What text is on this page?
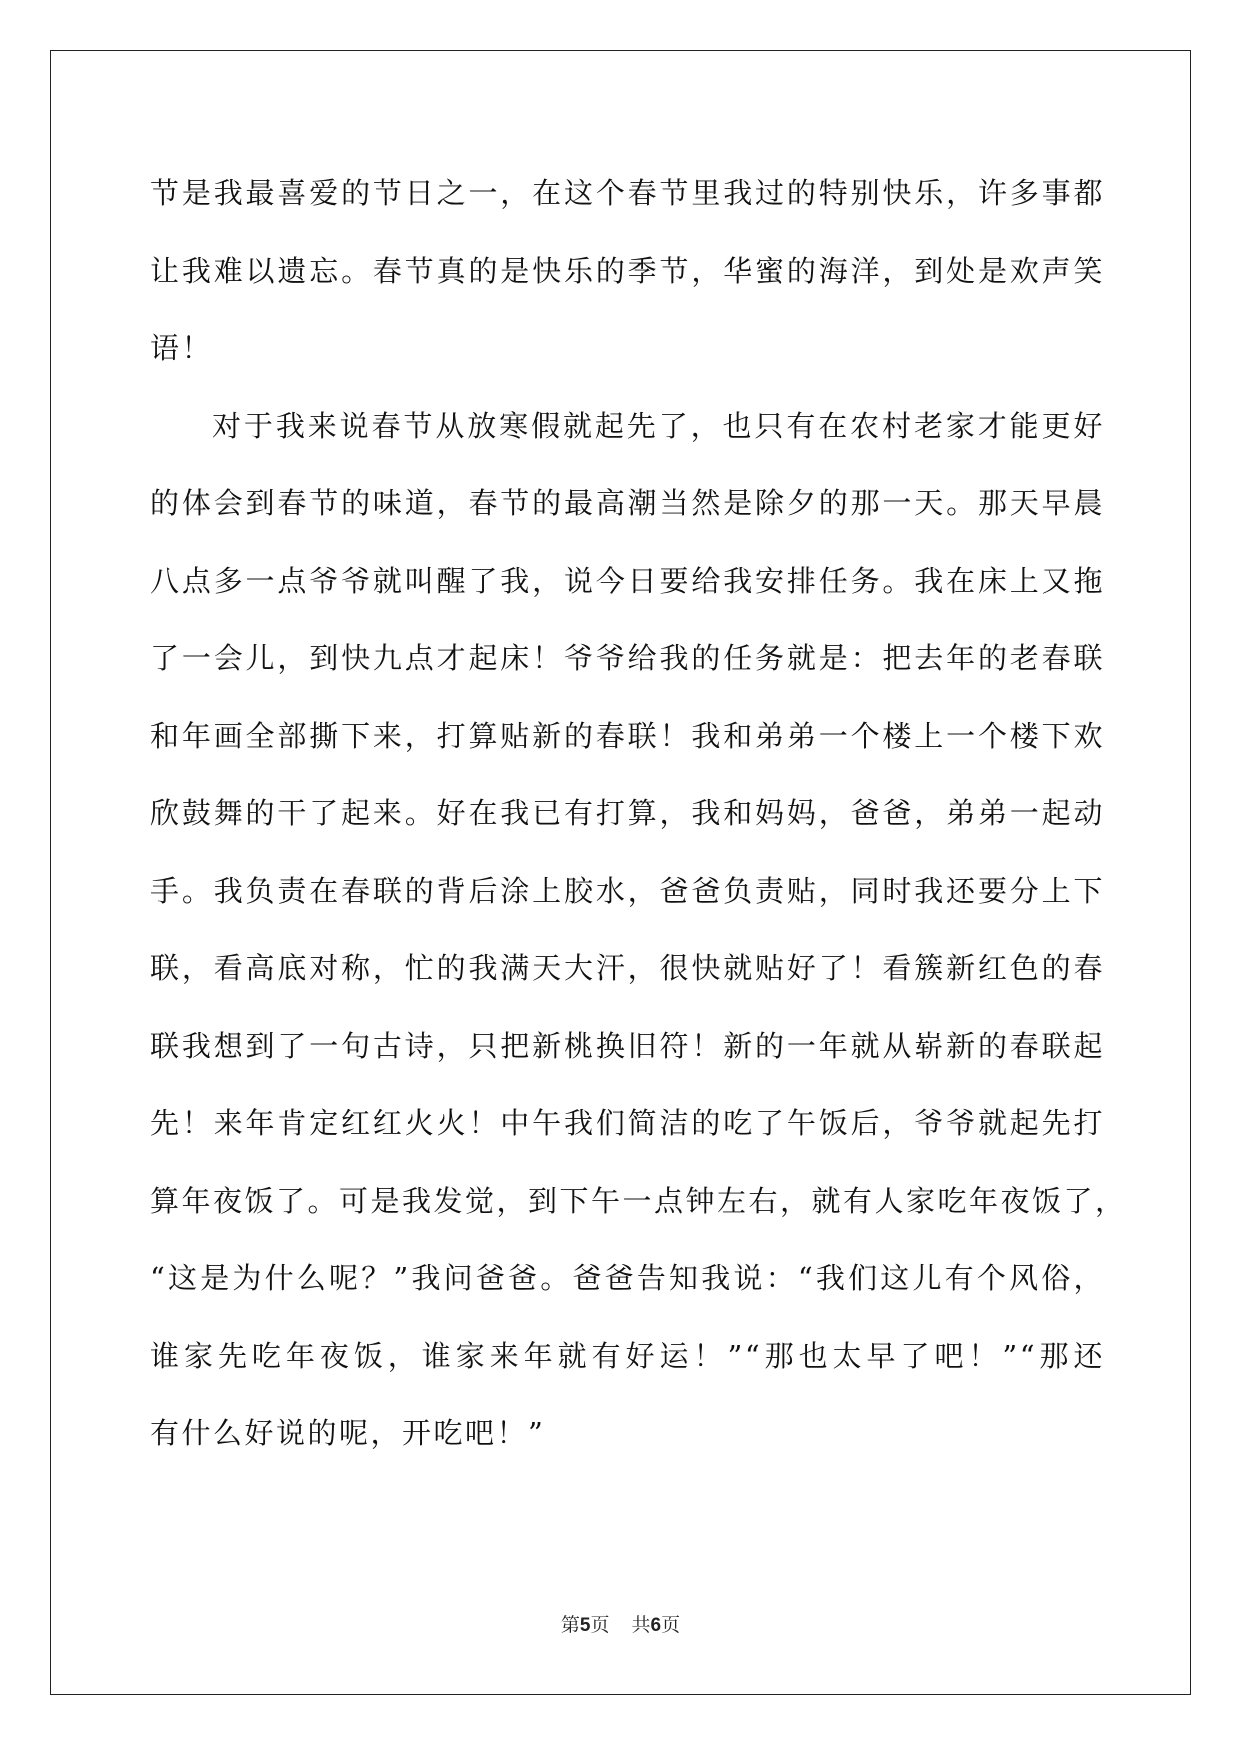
节是我最喜爱的节日之一，在这个春节里我过的特别快乐，许多事都
让我难以遗忘。春节真的是快乐的季节，华蜜的海洋，到处是欢声笑
语！
对于我来说春节从放寒假就起先了，也只有在农村老家才能更好
的体会到春节的味道，春节的最高潮当然是除夕的那一天。那天早晨
八点多一点爷爷就叫醒了我，说今日要给我安排任务。我在床上又拖
了一会儿，到快九点才起床！爷爷给我的任务就是：把去年的老春联
和年画全部撕下来，打算贴新的春联！我和弟弟一个楼上一个楼下欢
欣鼓舞的干了起来。好在我已有打算，我和妈妈，爸爸，弟弟一起动
手。我负责在春联的背后涂上胶水，爸爸负责贴，同时我还要分上下
联，看高底对称，忙的我满天大汗，很快就贴好了！看簇新红色的春
联我想到了一句古诗，只把新桃换旧符！新的一年就从崭新的春联起
先！来年肯定红红火火！中午我们简洁的吃了午饭后，爷爷就起先打
算年夜饭了。可是我发觉，到下午一点钟左右，就有人家吃年夜饭了，
“这是为什么呢？”我问爸爸。爸爸告知我说：“我们这儿有个风俗，
谁家先吃年夜饭，谁家来年就有好运！”“那也太早了吧！”“那还
有什么好说的呢，开吃吧！”
第5页 共6页
